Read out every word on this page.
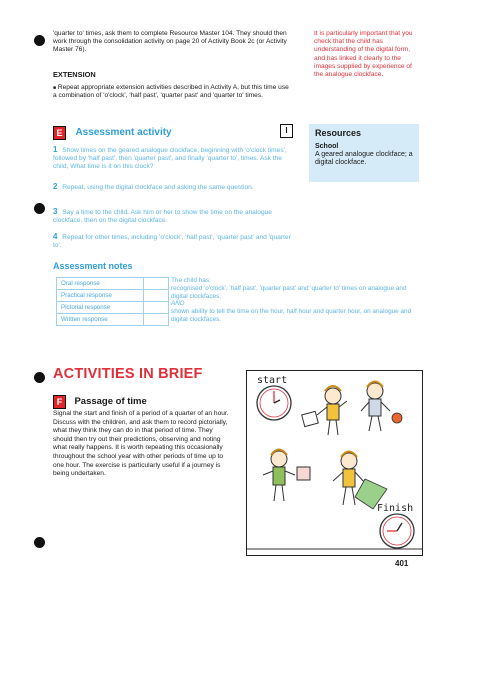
'quarter to' times, ask them to complete Resource Master 104. They should then work through the consolidation activity on page 20 of Activity Book 2c (or Activity Master 76).
EXTENSION
■ Repeat appropriate extension activities described in Activity A, but this time use a combination of 'o'clock', 'half past', 'quarter past' and 'quarter to' times.
It is particularly important that you check that the child has understanding of the digital form, and has linked it clearly to the images supplied by experience of the analogue clockface.
E Assessment activity	I	Resources
School
A geared analogue clockface; a digital clockface.
1 Show times on the geared analogue clockface, beginning with 'o'clock times', followed by 'half past', then 'quarter past', and finally 'quarter to', times. Ask the child, What time is it on this clock?
2 Repeat, using the digital clockface and asking the same question.
3 Say a time to the child. Ask him or her to show the time on the analogue clockface, then on the digital clockface.
4 Repeat for other times, including 'o'clock', 'half past', 'quarter past' and 'quarter to'.
Assessment notes
Oral response	
Practical response	
Pictorial response	
Written response	
The child has:
recognised 'o'clock', 'half past', 'quarter past' and 'quarter to' times on analogue and digital clockfaces;
AND
shown ability to tell the time on the hour, half hour and quarter hour, on analogue and digital clockfaces.
ACTIVITIES IN BRIEF
F Passage of time
Signal the start and finish of a period of a quarter of an hour. Discuss with the children, and ask them to record pictorially, what they think they can do in that period of time. They should then try out their predictions, observing and noting what really happens. It is worth repeating this occasionally throughout the school year with other periods of time up to one hour. The exercise is particularly useful if a journey is being undertaken.
start
Finish
401
